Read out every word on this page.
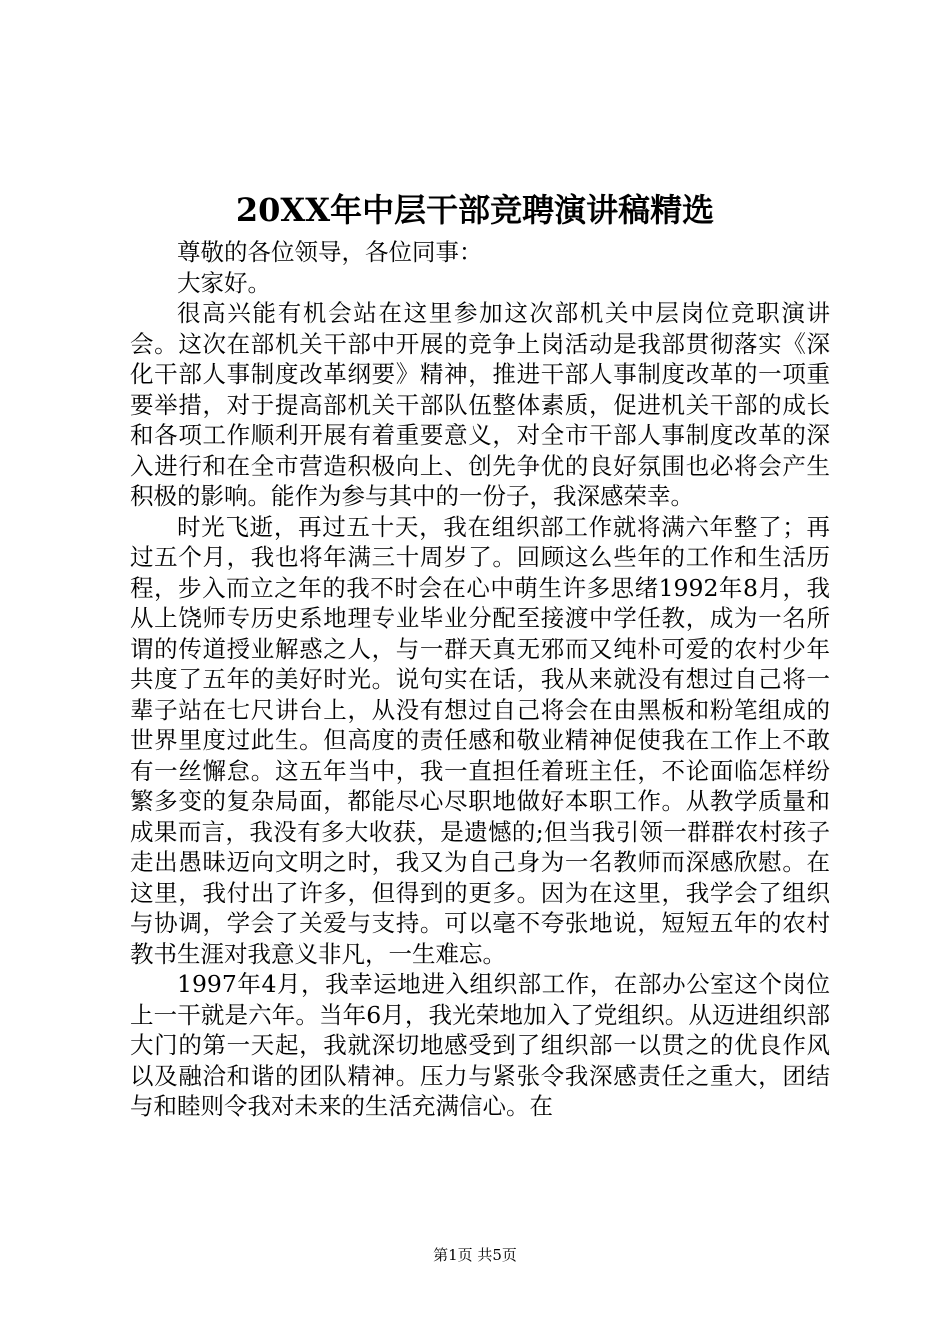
20XX年中层干部竞聘演讲稿精选

尊敬的各位领导，各位同事：

大家好。

很高兴能有机会站在这里参加这次部机关中层岗位竞职演讲会。这次在部机关干部中开展的竞争上岗活动是我部贯彻落实《深化干部人事制度改革纲要》精神，推进干部人事制度改革的一项重要举措，对于提高部机关干部队伍整体素质，促进机关干部的成长和各项工作顺利开展有着重要意义，对全市干部人事制度改革的深入进行和在全市营造积极向上、创先争优的良好氛围也必将会产生积极的影响。能作为参与其中的一份子，我深感荣幸。

时光飞逝，再过五十天，我在组织部工作就将满六年整了；再过五个月，我也将年满三十周岁了。回顾这么些年的工作和生活历程，步入而立之年的我不时会在心中萌生许多思绪1992年8月，我从上饶师专历史系地理专业毕业分配至接渡中学任教，成为一名所谓的传道授业解惑之人，与一群天真无邪而又纯朴可爱的农村少年共度了五年的美好时光。说句实在话，我从来就没有想过自己将一辈子站在七尺讲台上，从没有想过自己将会在由黑板和粉笔组成的世界里度过此生。但高度的责任感和敬业精神促使我在工作上不敢有一丝懈怠。这五年当中，我一直担任着班主任，不论面临怎样纷繁多变的复杂局面，都能尽心尽职地做好本职工作。从教学质量和成果而言，我没有多大收获，是遗憾的;但当我引领一群群农村孩子走出愚昧迈向文明之时，我又为自己身为一名教师而深感欣慰。在这里，我付出了许多，但得到的更多。因为在这里，我学会了组织与协调，学会了关爱与支持。可以毫不夸张地说，短短五年的农村教书生涯对我意义非凡，一生难忘。

1997年4月，我幸运地进入组织部工作，在部办公室这个岗位上一干就是六年。当年6月，我光荣地加入了党组织。从迈进组织部大门的第一天起，我就深切地感受到了组织部一以贯之的优良作风以及融洽和谐的团队精神。压力与紧张令我深感责任之重大，团结与和睦则令我对未来的生活充满信心。在

第1页 共5页
